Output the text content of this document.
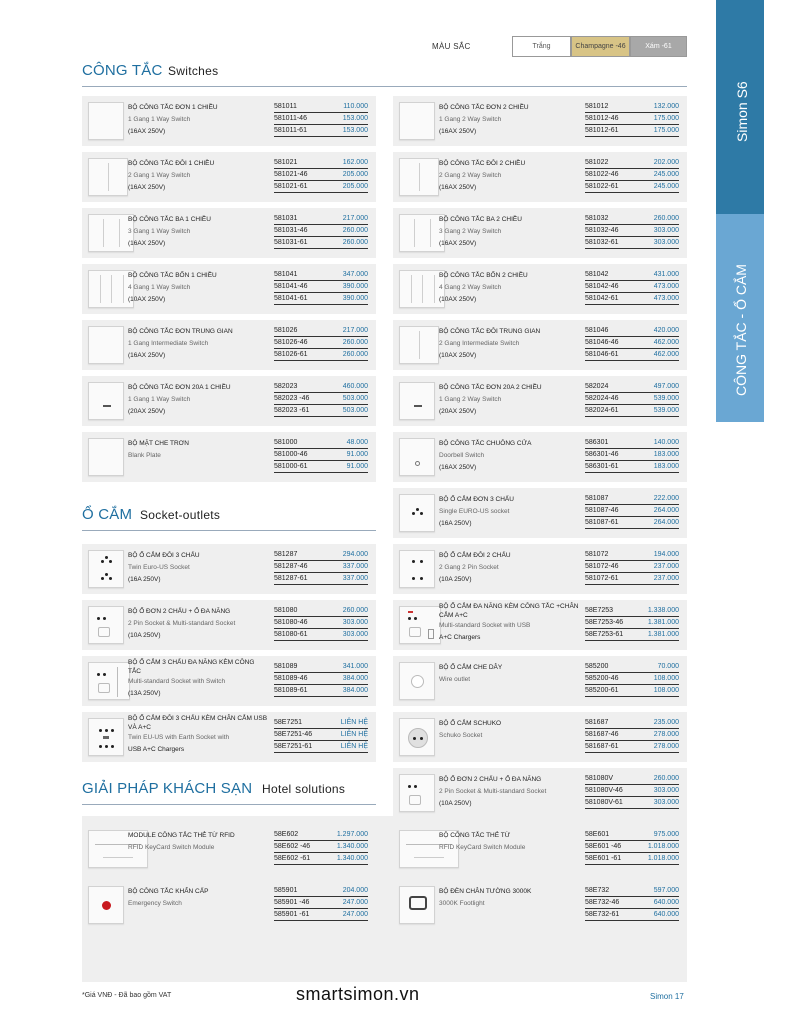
MÀU SẮC	Trắng	Champagne -46	Xám -61
Simon S6
CÔNG TẮC - Ổ CẮM
CÔNG TẮC Switches
Ổ CẮM Socket-outlets
GIẢI PHÁP KHÁCH SẠN Hotel solutions
BỘ CÔNG TẮC ĐƠN 1 CHIỀU
1 Gang 1 Way Switch
(16AX 250V)
581011	110.000
581011-46	153.000
581011-61	153.000
BỘ CÔNG TẮC ĐƠN 2 CHIỀU
1 Gang 2 Way Switch
(16AX 250V)
581012	132.000
581012-46	175.000
581012-61	175.000
BỘ CÔNG TẮC ĐÔI 1 CHIỀU
2 Gang 1 Way Switch
(16AX 250V)
581021	162.000
581021-46	205.000
581021-61	205.000
BỘ CÔNG TẮC ĐÔI 2 CHIỀU
2 Gang 2 Way Switch
(16AX 250V)
581022	202.000
581022-46	245.000
581022-61	245.000
BỘ CÔNG TẮC BA 1 CHIỀU
3 Gang 1 Way Switch
(16AX 250V)
581031	217.000
581031-46	260.000
581031-61	260.000
BỘ CÔNG TẮC BA 2 CHIỀU
3 Gang 2 Way Switch
(16AX 250V)
581032	260.000
581032-46	303.000
581032-61	303.000
BỘ CÔNG TẮC BỐN 1 CHIỀU
4 Gang 1 Way Switch
(10AX 250V)
581041	347.000
581041-46	390.000
581041-61	390.000
BỘ CÔNG TẮC BỐN 2 CHIỀU
4 Gang 2 Way Switch
(10AX 250V)
581042	431.000
581042-46	473.000
581042-61	473.000
BỘ CÔNG TẮC ĐƠN TRUNG GIAN
1 Gang Intermediate Switch
(16AX 250V)
581026	217.000
581026-46	260.000
581026-61	260.000
BỘ CÔNG TẮC ĐÔI TRUNG GIAN
2 Gang Intermediate Switch
(10AX 250V)
581046	420.000
581046-46	462.000
581046-61	462.000
BỘ CÔNG TẮC ĐƠN 20A 1 CHIỀU
1 Gang 1 Way Switch
(20AX 250V)
582023	460.000
582023 -46	503.000
582023 -61	503.000
BỘ CÔNG TẮC ĐƠN 20A 2 CHIỀU
1 Gang 2 Way Switch
(20AX 250V)
582024	497.000
582024-46	539.000
582024-61	539.000
BỘ MẶT CHE TRƠN
Blank Plate
581000	48.000
581000-46	91.000
581000-61	91.000
BỘ CÔNG TẮC CHUÔNG CỬA
Doorbell Switch
(16AX 250V)
586301	140.000
586301-46	183.000
586301-61	183.000
BỘ Ổ CẮM ĐƠN 3 CHẤU
Single EURO-US socket
(16A 250V)
581087	222.000
581087-46	264.000
581087-61	264.000
BỘ Ổ CẮM ĐÔI 3 CHẤU
Twin Euro-US Socket
(16A 250V)
581287	294.000
581287-46	337.000
581287-61	337.000
BỘ Ổ CẮM ĐÔI 2 CHẤU
2 Gang 2 Pin Socket
(10A 250V)
581072	194.000
581072-46	237.000
581072-61	237.000
BỘ Ổ ĐƠN 2 CHẤU + Ổ ĐA NĂNG
2 Pin Socket & Multi-standard Socket
(10A 250V)
581080	260.000
581080-46	303.000
581080-61	303.000
BỘ Ổ CẮM ĐA NĂNG KÈM CÔNG TẮC +CHÂN CẮM A+C
Multi-standard Socket with USB
A+C Chargers
58E7253	1.338.000
58E7253-46	1.381.000
58E7253-61	1.381.000
BỘ Ổ CẮM 3 CHẤU ĐA NĂNG KÈM CÔNG TẮC
Multi-standard Socket with Switch
(13A 250V)
581089	341.000
581089-46	384.000
581089-61	384.000
BỘ Ổ CẮM CHE DÂY
Wire outlet
585200	70.000
585200-46	108.000
585200-61	108.000
BỘ Ổ CẮM ĐÔI 3 CHẤU KÈM CHÂN CẮM USB VÀ A+C
Twin EU-US with Earth Socket with
USB A+C Chargers
58E7251	LIÊN HỆ
58E7251-46	LIÊN HỆ
58E7251-61	LIÊN HỆ
BỘ Ổ CẮM SCHUKO
Schuko Socket
581687	235.000
581687-46	278.000
581687-61	278.000
BỘ Ổ ĐƠN 2 CHẤU + Ổ ĐA NĂNG
2 Pin Socket & Multi-standard Socket
(10A 250V)
581080V	260.000
581080V-46	303.000
581080V-61	303.000
MODULE CÔNG TẮC THẺ TỪ RFID
RFID KeyCard Switch Module
58E602	1.297.000
58E602 -46	1.340.000
58E602 -61	1.340.000
BỘ CÔNG TẮC THẺ TỪ
RFID KeyCard Switch Module
58E601	975.000
58E601 -46	1.018.000
58E601 -61	1.018.000
BỘ CÔNG TẮC KHẨN CẤP
Emergency Switch
585901	204.000
585901 -46	247.000
585901 -61	247.000
BỘ ĐÈN CHÂN TƯỜNG 3000K
3000K Footlight
58E732	597.000
58E732-46	640.000
58E732-61	640.000
*Giá VNĐ - Đã bao gồm VAT	smartsimon.vn	Simon 17
